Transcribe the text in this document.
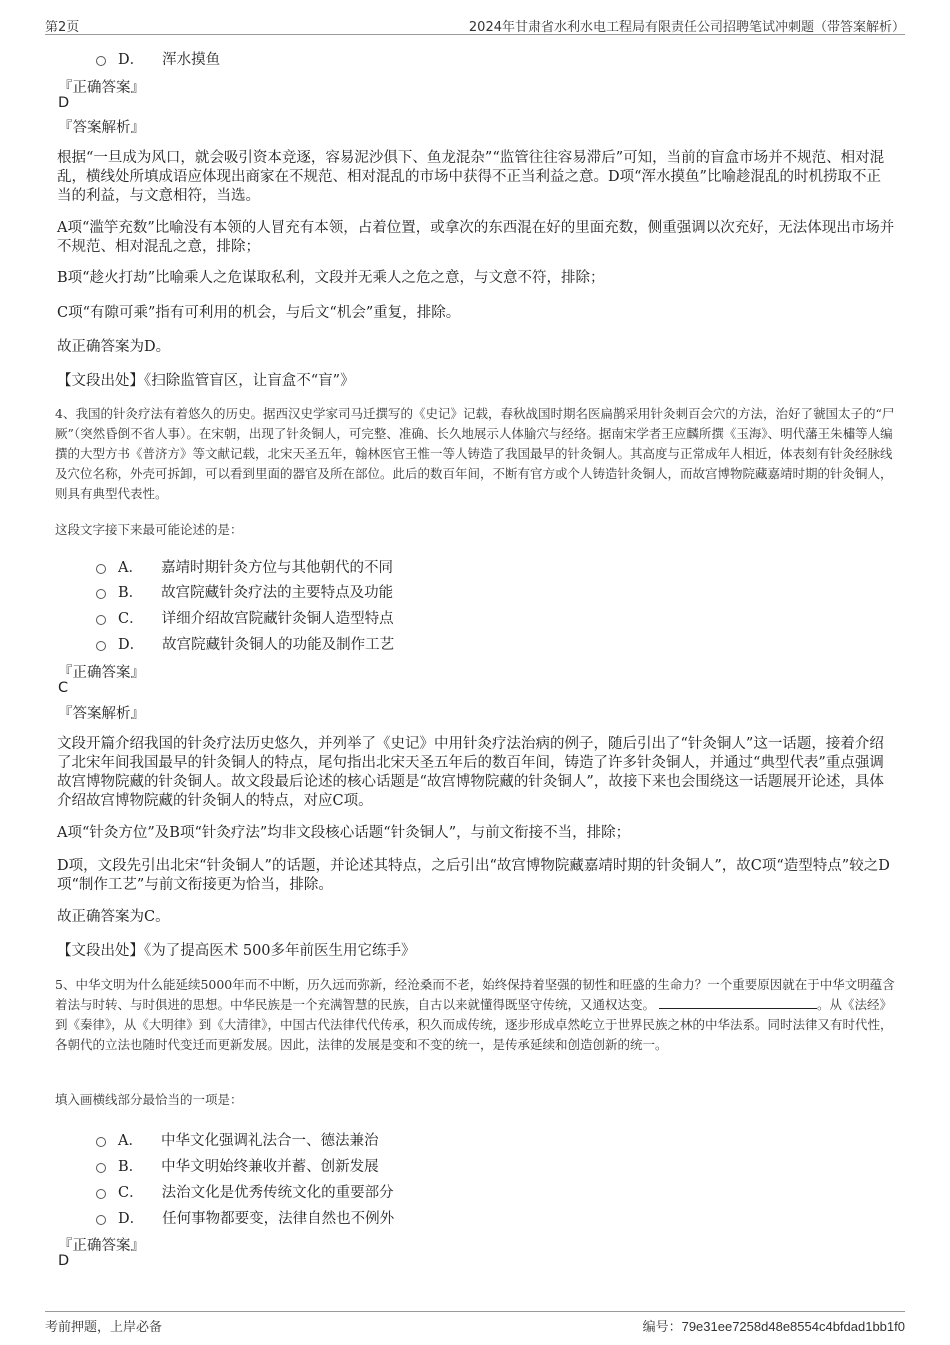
第2页	2024年甘肃省水利水电工程局有限责任公司招聘笔试冲刺题（带答案解析）
D． 浑水摸鱼
『正确答案』
D
『答案解析』
根据“一旦成为风口，就会吸引资本竞逐，容易泥沙俱下、鱼龙混杂”“监管往往容易滞后”可知，当前的盲盒市场并不规范、相对混乱，横线处所填成语应体现出商家在不规范、相对混乱的市场中获得不正当利益之意。D项“浑水摸鱼”比喻趁混乱的时机捞取不正当的利益，与文意相符，当选。
A项“滥竽充数”比喻没有本领的人冒充有本领，占着位置，或拿次的东西混在好的里面充数，侧重强调以次充好，无法体现出市场并不规范、相对混乱之意，排除；
B项“趁火打劫”比喻乘人之危谋取私利，文段并无乘人之危之意，与文意不符，排除；
C项“有隙可乘”指有可利用的机会，与后文“机会”重复，排除。
故正确答案为D。
【文段出处】《扫除监管盲区，让盲盒不“盲”》
4、我国的针灸疗法有着悠久的历史。据西汉史学家司马迁撰写的《史记》记载，春秋战国时期名医扁鹊采用针灸刺百会穴的方法，治好了虢国太子的“尸厥”（突然昏倒不省人事）。在宋朝，出现了针灸铜人，可完整、准确、长久地展示人体腧穴与经络。据南宋学者王应麟所撰《玉海》、明代藩王朱橚等人编撰的大型方书《普济方》等文献记载，北宋天圣五年，翰林医官王惟一等人铸造了我国最早的针灸铜人。其高度与正常成年人相近，体表刻有针灸经脉线及穴位名称，外壳可拆卸，可以看到里面的器官及所在部位。此后的数百年间，不断有官方或个人铸造针灸铜人，而故宫博物院藏嘉靖时期的针灸铜人，则具有典型代表性。
这段文字接下来最可能论述的是：
A． 嘉靖时期针灸方位与其他朝代的不同
B． 故宫院藏针灸疗法的主要特点及功能
C． 详细介绍故宫院藏针灸铜人造型特点
D． 故宫院藏针灸铜人的功能及制作工艺
『正确答案』
C
『答案解析』
文段开篇介绍我国的针灸疗法历史悠久，并列举了《史记》中用针灸疗法治病的例子，随后引出了“针灸铜人”这一话题，接着介绍了北宋年间我国最早的针灸铜人的特点，尾句指出北宋天圣五年后的数百年间，铸造了许多针灸铜人，并通过“典型代表”重点强调故宫博物院藏的针灸铜人。故文段最后论述的核心话题是“故宫博物院藏的针灸铜人”，故接下来也会围绕这一话题展开论述，具体介绍故宫博物院藏的针灸铜人的特点，对应C项。
A项“针灸方位”及B项“针灸疗法”均非文段核心话题“针灸铜人”，与前文衔接不当，排除；
D项，文段先引出北宋“针灸铜人”的话题，并论述其特点，之后引出“故宫博物院藏嘉靖时期的针灸铜人”，故C项“造型特点”较之D项“制作工艺”与前文衔接更为恰当，排除。
故正确答案为C。
【文段出处】《为了提高医术 500多年前医生用它练手》
5、中华文明为什么能延续5000年而不中断，历久远而弥新，经沧桑而不老，始终保持着坚强的韧性和旺盛的生命力？一个重要原因就在于中华文明蕴含着法与时转、与时俱进的思想。中华民族是一个充满智慧的民族，自古以来就懂得既坚守传统，又通权达变。	。从《法经》到《秦律》，从《大明律》到《大清律》，中国古代法律代代传承，积久而成传统，逐步形成卓然屹立于世界民族之林的中华法系。同时法律又有时代性，各朝代的立法也随时代变迁而更新发展。因此，法律的发展是变和不变的统一，是传承延续和创造创新的统一。
填入画横线部分最恰当的一项是：
A． 中华文化强调礼法合一、德法兼治
B． 中华文明始终兼收并蓄、创新发展
C． 法治文化是优秀传统文化的重要部分
D． 任何事物都要变，法律自然也不例外
『正确答案』
D
考前押题，上岸必备	编号：79e31ee7258d48e8554c4bfdad1bb1f0
